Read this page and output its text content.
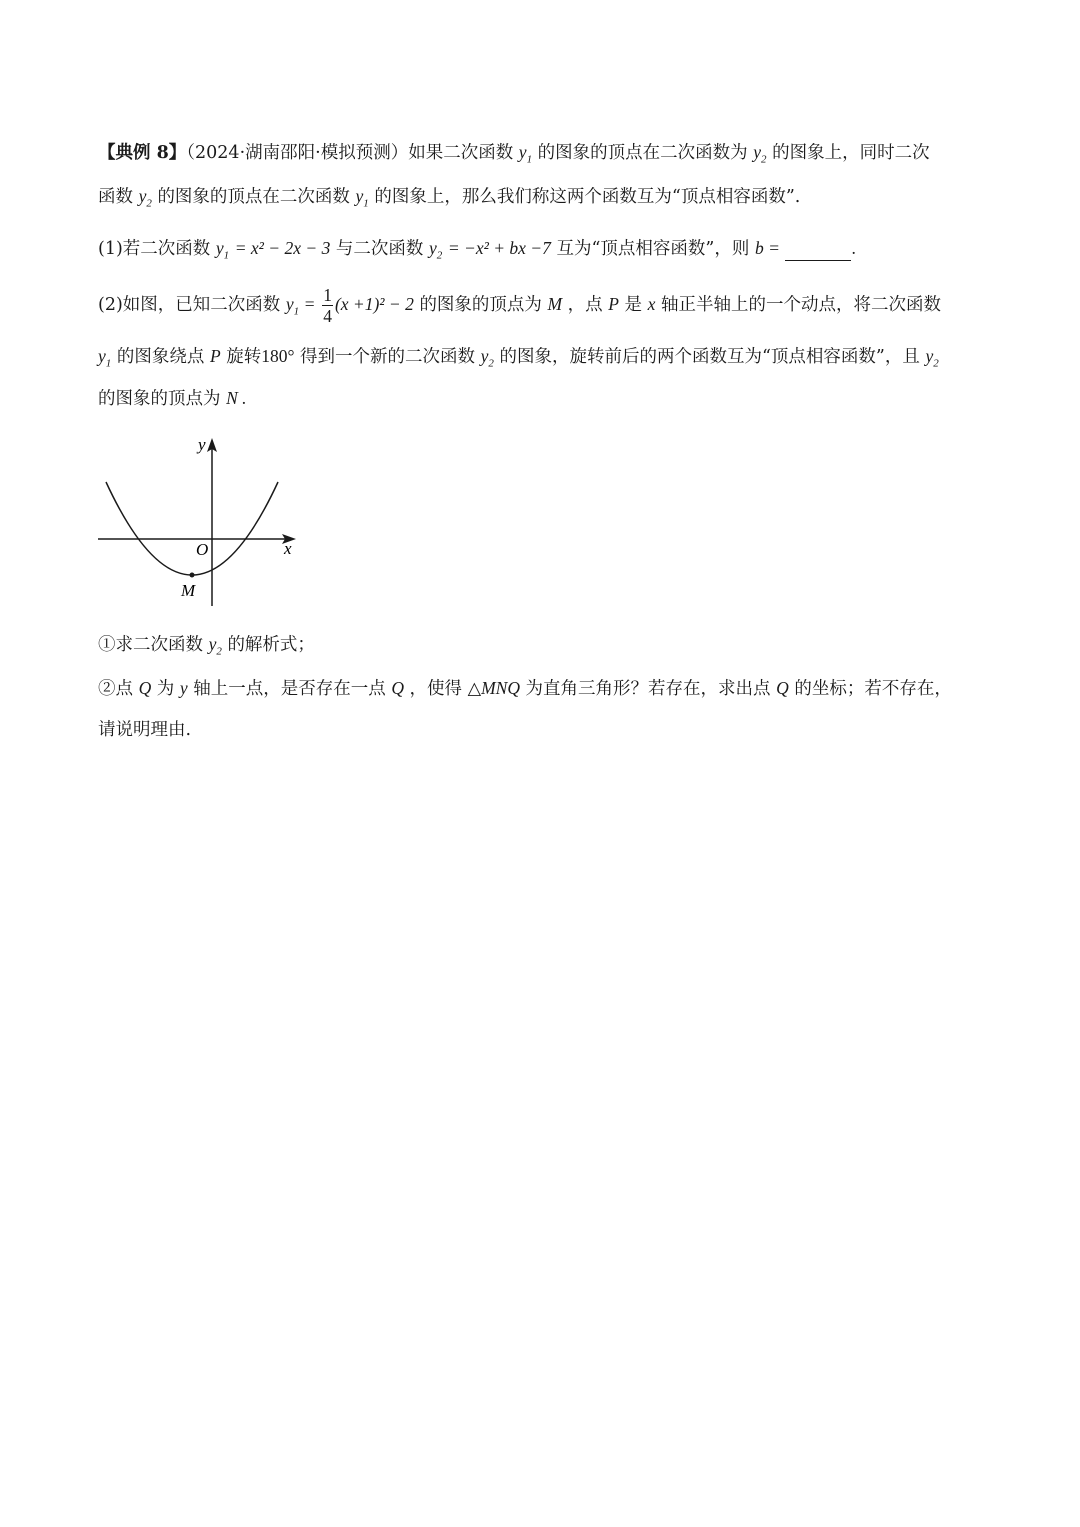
【典例 8】（2024·湖南邵阳·模拟预测）如果二次函数 $y_1$ 的图象的顶点在二次函数为 $y_2$ 的图象上，同时二次
函数 $y_2$ 的图象的顶点在二次函数 $y_1$ 的图象上，那么我们称这两个函数互为“顶点相容函数”.
(1)若二次函数 $y_1 = x^2 - 2x - 3$ 与二次函数 $y_2 = -x^2$ + bx −7 互为“顶点相容函数”，则 b =	.
(2)如图，已知二次函数 $y_1 = \frac{1}{4} (x +1)^2 - 2$ 的图象的顶点为 M ，点 P 是 x 轴正半轴上的一个动点，将二次函数
$y_1$ 的图象绕点 P 旋转180° 得到一个新的二次函数 $y_2$ 的图象，旋转前后的两个函数互为“顶点相容函数”，且 $y_2$
的图象的顶点为 N .
y
x
O
M
①求二次函数 $y_2$ 的解析式；
②点 Q 为 y 轴上一点，是否存在一点 Q ，使得 △MNQ 为直角三角形？若存在，求出点 Q 的坐标；若不存在，
请说明理由.
